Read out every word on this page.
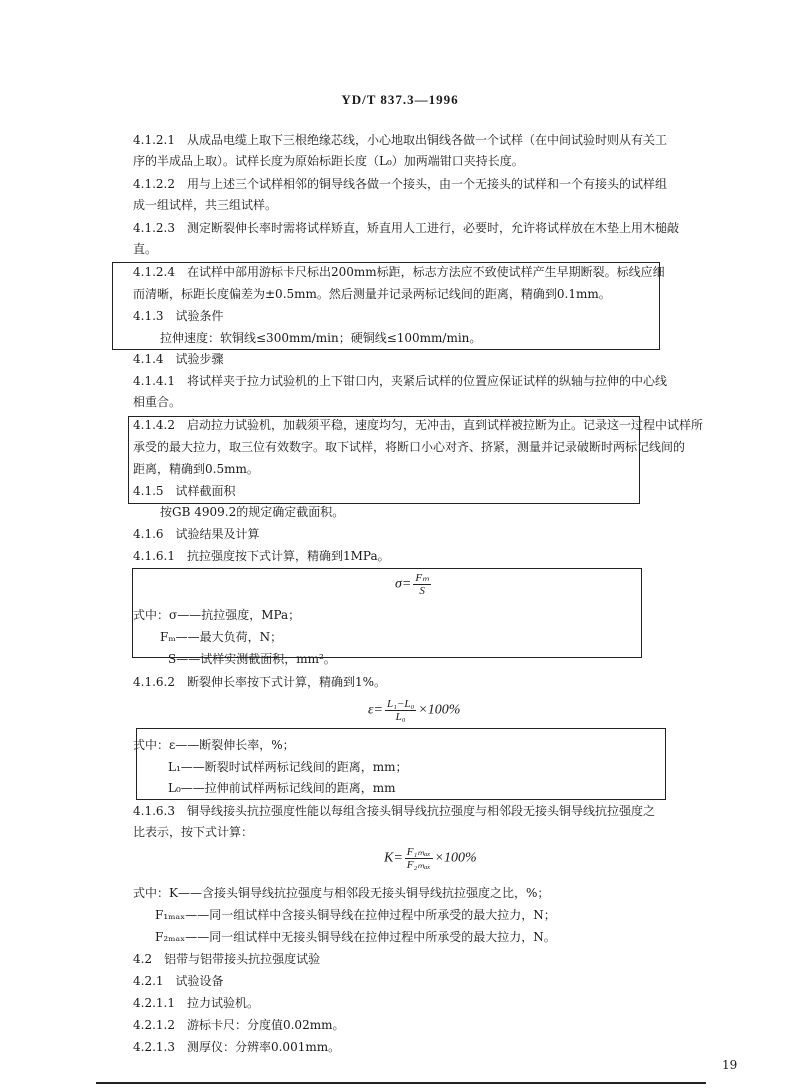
YD/T 837.3—1996
4.1.2.1　从成品电缆上取下三根绝缘芯线，小心地取出铜线各做一个试样（在中间试验时则从有关工
序的半成品上取）。试样长度为原始标距长度（L₀）加两端钳口夹持长度。
4.1.2.2　用与上述三个试样相邻的铜导线各做一个接头，由一个无接头的试样和一个有接头的试样组
成一组试样，共三组试样。
4.1.2.3　测定断裂伸长率时需将试样矫直，矫直用人工进行，必要时，允许将试样放在木垫上用木槌敲
直。
4.1.2.4　在试样中部用游标卡尺标出200mm标距，标志方法应不致使试样产生早期断裂。标线应细
而清晰，标距长度偏差为±0.5mm。然后测量并记录两标记线间的距离，精确到0.1mm。
4.1.3　试验条件
拉伸速度：软铜线≤300mm/min；硬铜线≤100mm/min。
4.1.4　试验步骤
4.1.4.1　将试样夹于拉力试验机的上下钳口内，夹紧后试样的位置应保证试样的纵轴与拉伸的中心线
相重合。
4.1.4.2　启动拉力试验机，加载须平稳，速度均匀，无冲击，直到试样被拉断为止。记录这一过程中试样所
承受的最大拉力，取三位有效数字。取下试样，将断口小心对齐、挤紧，测量并记录破断时两标记线间的
距离，精确到0.5mm。
4.1.5　试样截面积
按GB 4909.2的规定确定截面积。
4.1.6　试验结果及计算
4.1.6.1　抗拉强度按下式计算，精确到1MPa。
式中：σ——抗拉强度，MPa；
Fₘ——最大负荷，N；
S——试样实测截面积，mm²。
4.1.6.2　断裂伸长率按下式计算，精确到1%。
式中：ε——断裂伸长率，%；
L₁——断裂时试样两标记线间的距离，mm；
L₀——拉伸前试样两标记线间的距离，mm
4.1.6.3　铜导线接头抗拉强度性能以每组含接头铜导线抗拉强度与相邻段无接头铜导线抗拉强度之
比表示，按下式计算：
式中：K——含接头铜导线抗拉强度与相邻段无接头铜导线抗拉强度之比，%；
F₁ₘₐₓ——同一组试样中含接头铜导线在拉伸过程中所承受的最大拉力，N；
F₂ₘₐₓ——同一组试样中无接头铜导线在拉伸过程中所承受的最大拉力，N。
4.2　铝带与铝带接头抗拉强度试验
4.2.1　试验设备
4.2.1.1　拉力试验机。
4.2.1.2　游标卡尺：分度值0.02mm。
4.2.1.3　测厚仪：分辨率0.001mm。
$\sigma= \frac{\text{Fₘ}}{S}$
$\varepsilon= \frac{\text{L₁−L₀}}{\text{L₀}} \times 100\%$
$K= \frac{\text{F₁ₘₐₓ}}{\text{F₂ₘₐₓ}} \times 100\%$
19
